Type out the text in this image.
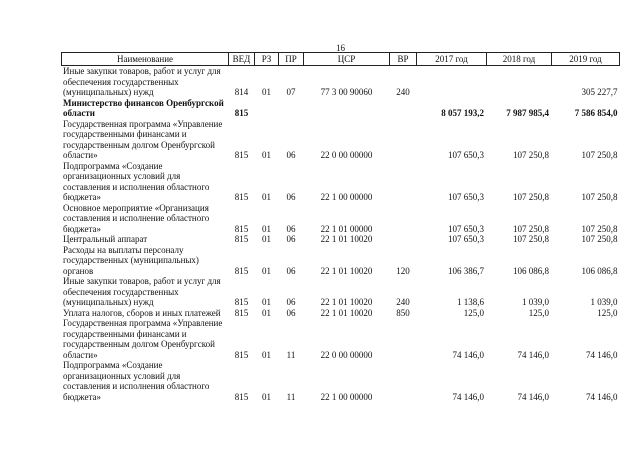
16
Наименование	ВЕД	РЗ	ПР	ЦСР	ВР	2017 год	2018 год	2019 год
Иные закупки товаров, работ и услуг для обеспечения государственных (муниципальных) нужд	814	01	07	77 3 00 90060	240			305 227,7
Министерство финансов Оренбургской области	815					8 057 193,2	7 987 985,4	7 586 854,0
Государственная программа «Управление государственными финансами и государственным долгом Оренбургской области»	815	01	06	22 0 00 00000		107 650,3	107 250,8	107 250,8
Подпрограмма «Создание организационных условий для составления и исполнения областного бюджета»	815	01	06	22 1 00 00000		107 650,3	107 250,8	107 250,8
Основное мероприятие «Организация составления и исполнение областного бюджета»	815	01	06	22 1 01 00000		107 650,3	107 250,8	107 250,8
Центральный аппарат	815	01	06	22 1 01 10020		107 650,3	107 250,8	107 250,8
Расходы на выплаты персоналу государственных (муниципальных) органов	815	01	06	22 1 01 10020	120	106 386,7	106 086,8	106 086,8
Иные закупки товаров, работ и услуг для обеспечения государственных (муниципальных) нужд	815	01	06	22 1 01 10020	240	1 138,6	1 039,0	1 039,0
Уплата налогов, сборов и иных платежей	815	01	06	22 1 01 10020	850	125,0	125,0	125,0
Государственная программа «Управление государственными финансами и государственным долгом Оренбургской области»	815	01	11	22 0 00 00000		74 146,0	74 146,0	74 146,0
Подпрограмма «Создание организационных условий для составления и исполнения областного бюджета»	815	01	11	22 1 00 00000		74 146,0	74 146,0	74 146,0
